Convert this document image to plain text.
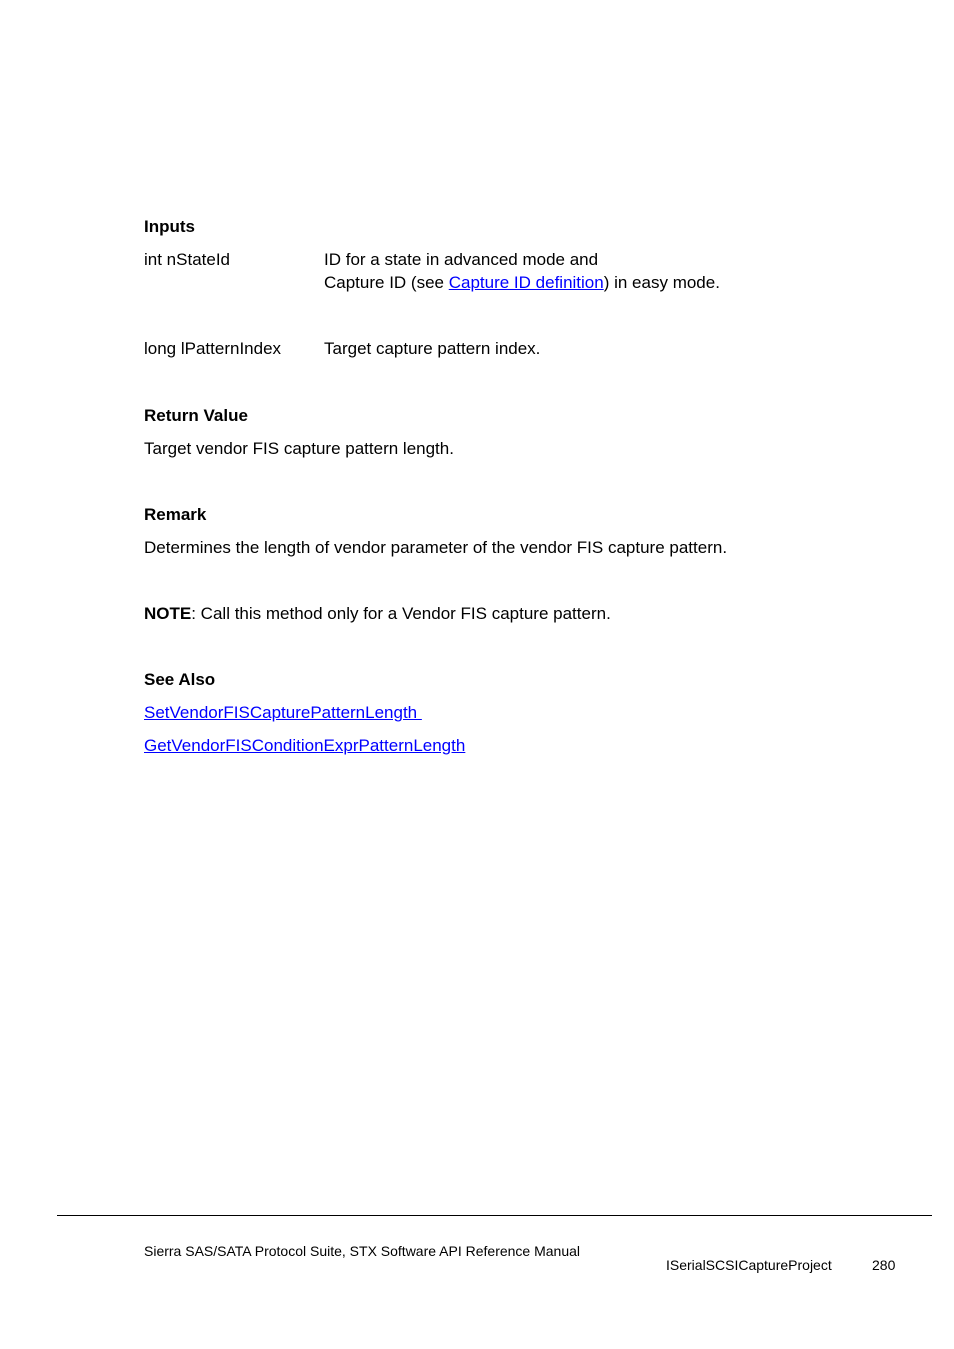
Inputs
int nStateId	ID for a state in advanced mode and
Capture ID (see Capture ID definition) in easy mode.
long lPatternIndex	Target capture pattern index.
Return Value
Target vendor FIS capture pattern length.
Remark
Determines the length of vendor parameter of the vendor FIS capture pattern.
NOTE: Call this method only for a Vendor FIS capture pattern.
See Also
SetVendorFISCapturePatternLength
GetVendorFISConditionExprPatternLength
Sierra SAS/SATA Protocol Suite, STX Software API Reference Manual
ISerialSCSICaptureProject	280
